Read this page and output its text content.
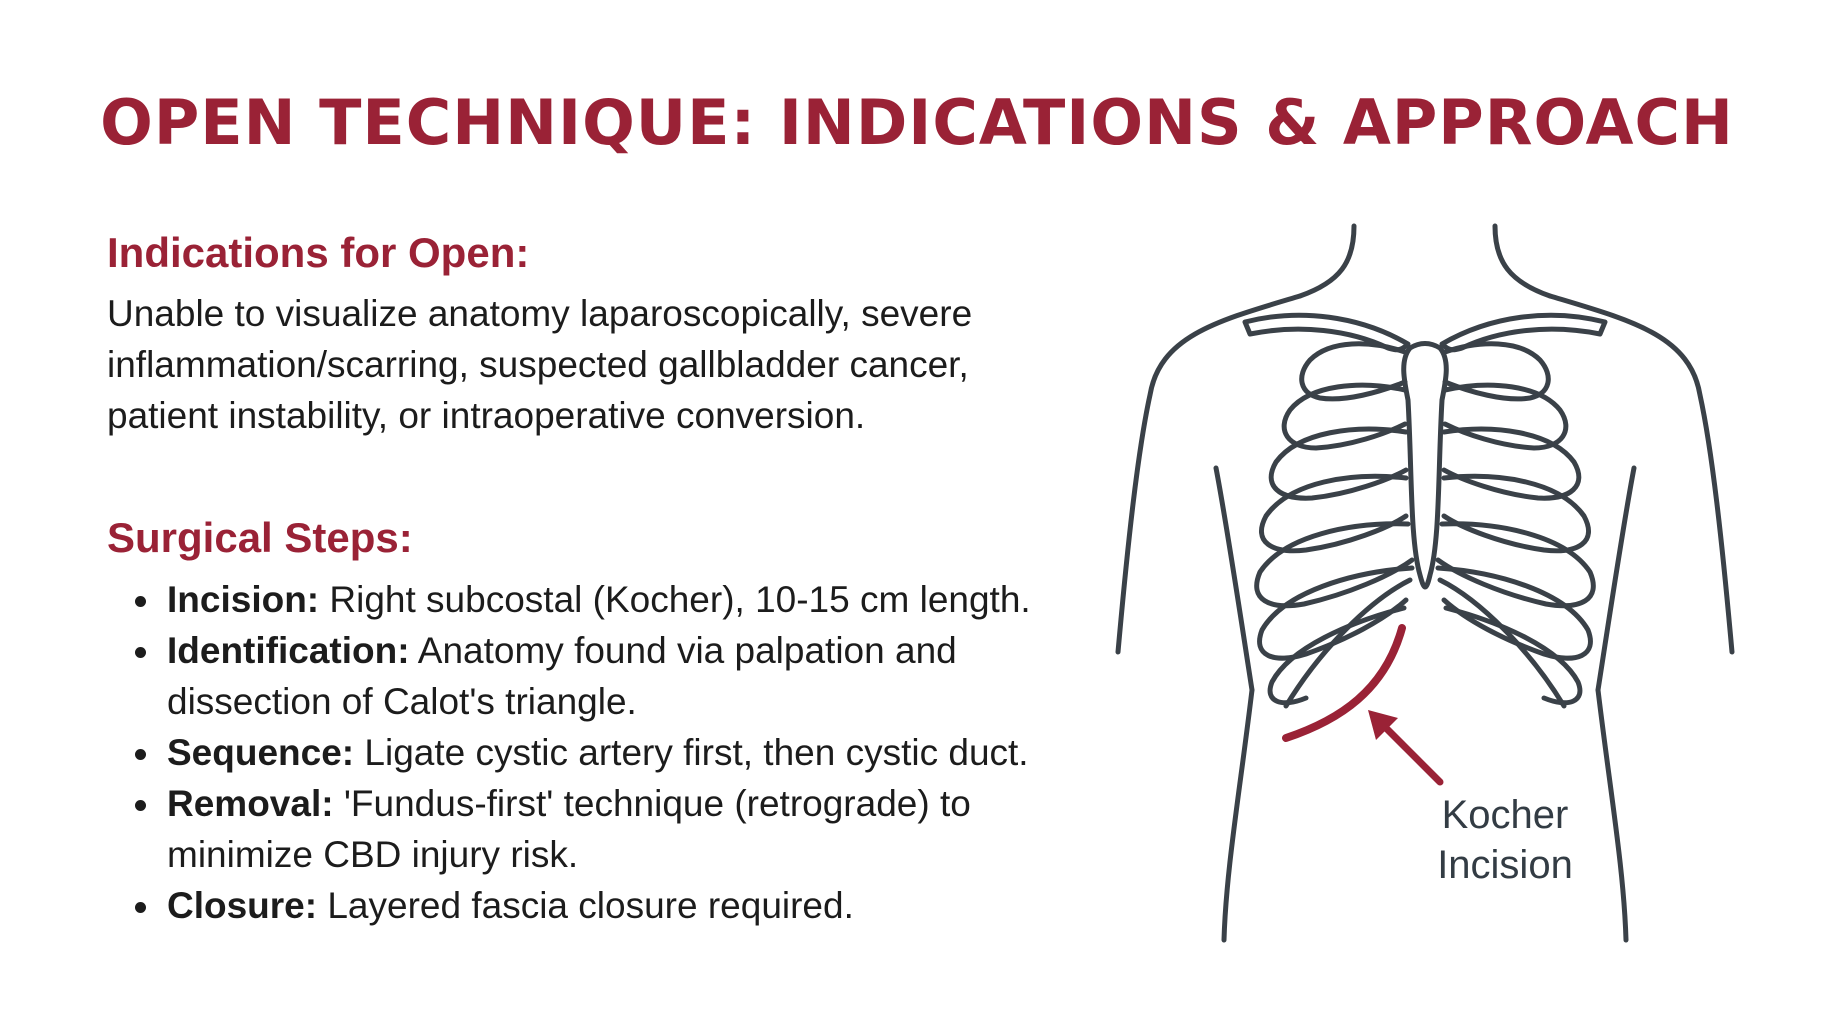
OPEN TECHNIQUE: INDICATIONS & APPROACH
Indications for Open:

Unable to visualize anatomy laparoscopically, severe inflammation/scarring, suspected gallbladder cancer, patient instability, or intraoperative conversion.

Surgical Steps:
Incision: Right subcostal (Kocher), 10-15 cm length.
Identification: Anatomy found via palpation and dissection of Calot's triangle.
Sequence: Ligate cystic artery first, then cystic duct.
Removal: 'Fundus-first' technique (retrograde) to minimize CBD injury risk.
Closure: Layered fascia closure required.
Kocher
Incision
